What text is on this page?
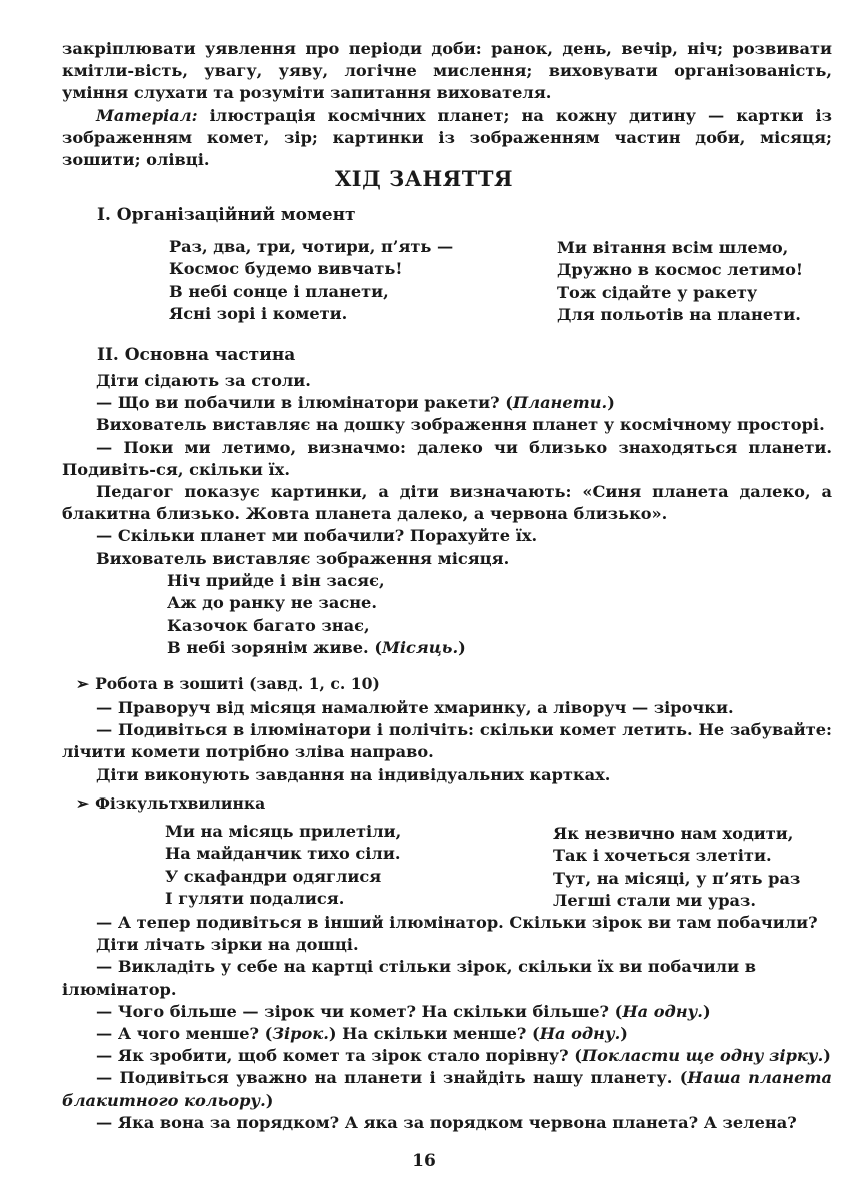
закріплювати уявлення про періоди доби: ранок, день, вечір, ніч; розвивати кмітли-вість, увагу, уяву, логічне мислення; виховувати організованість, уміння слухати та розуміти запитання вихователя.

Матеріал: ілюстрація космічних планет; на кожну дитину — картки із зображенням комет, зір; картинки із зображенням частин доби, місяця; зошити; олівці.

ХІД ЗАНЯТТЯ
І. Організаційний момент

Раз, два, три, чотири, п’ять —

Космос будемо вивчать!

В небі сонце і планети,

Ясні зорі і комети.

Ми вітання всім шлемо,

Дружно в космос летимо!

Тож сідайте у ракету

Для польотів на планети.

ІІ. Основна частина

Діти сідають за столи.

— Що ви побачили в ілюмінатори ракети? (Планети.)

Вихователь виставляє на дошку зображення планет у космічному просторі.

— Поки ми летимо, визначмо: далеко чи близько знаходяться планети. Подивіть-ся, скільки їх.

Педагог показує картинки, а діти визначають: «Синя планета далеко, а блакитна близько. Жовта планета далеко, а червона близько».

— Скільки планет ми побачили? Порахуйте їх.

Вихователь виставляє зображення місяця.

Ніч прийде і він засяє,

Аж до ранку не засне.

Казочок багато знає,

В небі зорянім живе. (Місяць.)

➢ Робота в зошиті (завд. 1, с. 10)

— Праворуч від місяця намалюйте хмаринку, а ліворуч — зірочки.

— Подивіться в ілюмінатори і полічіть: скільки комет летить. Не забувайте: лічити комети потрібно зліва направо.

Діти виконують завдання на індивідуальних картках.

➢ Фізкультхвилинка

Ми на місяць прилетіли,

На майданчик тихо сіли.

У скафандри одяглися

І гуляти подалися.

Як незвично нам ходити,

Так і хочеться злетіти.

Тут, на місяці, у п’ять раз

Легші стали ми ураз.

— А тепер подивіться в інший ілюмінатор. Скільки зірок ви там побачили?

Діти лічать зірки на дошці.

— Викладіть у себе на картці стільки зірок, скільки їх ви побачили в ілюмінатор.

— Чого більше — зірок чи комет? На скільки більше? (На одну.)

— А чого менше? (Зірок.) На скільки менше? (На одну.)

— Як зробити, щоб комет та зірок стало порівну? (Покласти ще одну зірку.)

— Подивіться уважно на планети і знайдіть нашу планету. (Наша планета блакитного кольору.)

— Яка вона за порядком? А яка за порядком червона планета? А зелена?

16
